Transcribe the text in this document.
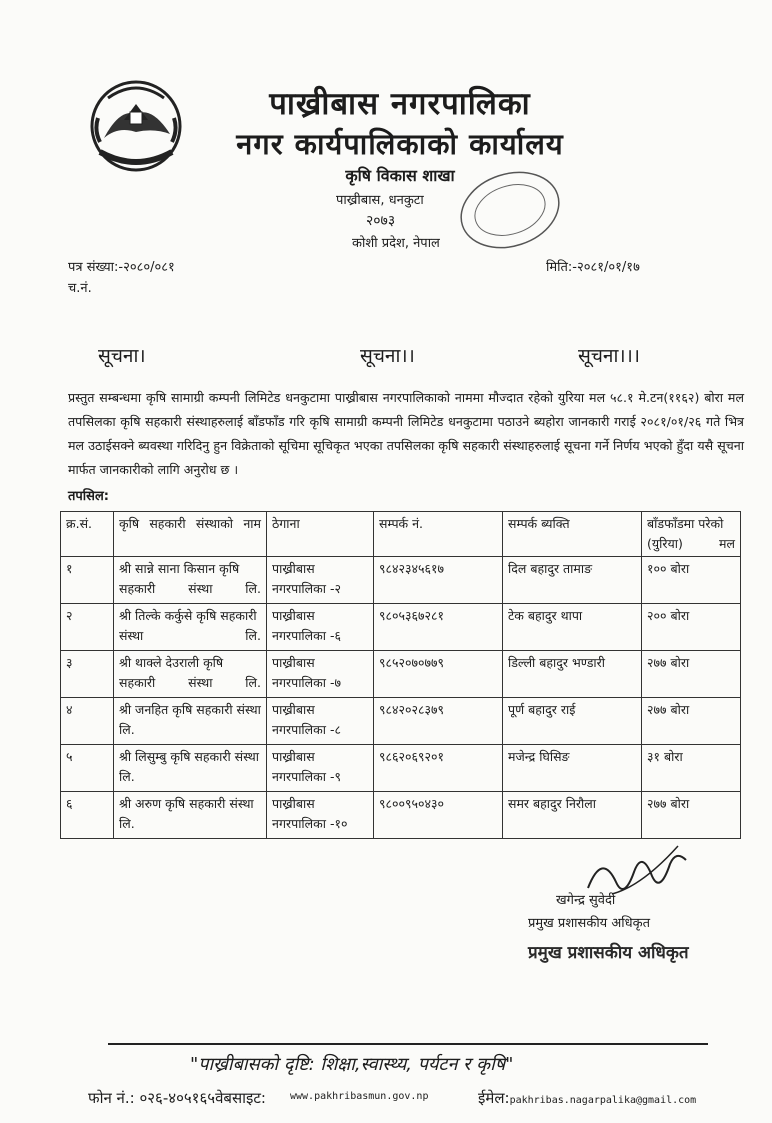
पाख्रीबास नगरपालिका
नगर कार्यपालिकाको कार्यालय
कृषि विकास शाखा
पाख्रीबास, धनकुटा
२०७३
कोशी प्रदेश, नेपाल
पत्र संख्या:-२०८०/०८१
च.नं.
मिति:-२०८१/०१/१७
सूचना।	सूचना।।	सूचना।।।
प्रस्तुत सम्बन्धमा कृषि सामाग्री कम्पनी लिमिटेड धनकुटामा पाख्रीबास नगरपालिकाको नाममा मौज्दात रहेको युरिया मल ५८.१ मे.टन(११६२) बोरा मल तपसिलका कृषि सहकारी संस्थाहरुलाई बाँडफाँड गरि कृषि सामाग्री कम्पनी लिमिटेड धनकुटामा पठाउने ब्यहोरा जानकारी गराई २०८१/०१/२६ गते भित्र मल उठाईसक्ने ब्यवस्था गरिदिनु हुन विक्रेताको सूचिमा सूचिकृत भएका तपसिलका कृषि सहकारी संस्थाहरुलाई सूचना गर्ने निर्णय भएको हुँदा यसै सूचना मार्फत जानकारीको लागि अनुरोध छ ।
तपसिल:
क्र.सं.	कृषि सहकारी संस्थाको नाम	ठेगाना	सम्पर्क नं.	सम्पर्क ब्यक्ति	बाँडफाँडमा परेको (युरिया) मल
१	श्री सान्ने साना किसान कृषि सहकारी संस्था लि.	पाख्रीबास नगरपालिका -२	९८४२३४५६१७	दिल बहादुर तामाङ	१०० बोरा
२	श्री तिल्के कर्कुसे कृषि सहकारी संस्था लि.	पाख्रीबास नगरपालिका -६	९८०५३६७२८१	टेक बहादुर थापा	२०० बोरा
३	श्री थाक्ले देउराली कृषि सहकारी संस्था लि.	पाख्रीबास नगरपालिका -७	९८५२०७०७७९	डिल्ली बहादुर भण्डारी	२७७ बोरा
४	श्री जनहित कृषि सहकारी संस्था लि.	पाख्रीबास नगरपालिका -८	९८४२०२८३७९	पूर्ण बहादुर राई	२७७ बोरा
५	श्री लिसुम्बु कृषि सहकारी संस्था लि.	पाख्रीबास नगरपालिका -९	९८६२०६९२०१	मजेन्द्र घिसिङ	३१ बोरा
६	श्री अरुण कृषि सहकारी संस्था लि.	पाख्रीबास नगरपालिका -१०	९८००९५०४३०	समर बहादुर निरौला	२७७ बोरा
खगेन्द्र सुवेदी
प्रमुख प्रशासकीय अधिकृत
प्रमुख प्रशासकीय अधिकृत
"पाख्रीबासको दृष्टि: शिक्षा,स्वास्थ्य, पर्यटन र कृषि"
फोन नं.: ०२६-४०५१६५वेबसाइट: www.pakhribasmun.gov.np	ईमेल:pakhribas.nagarpalika@gmail.com
